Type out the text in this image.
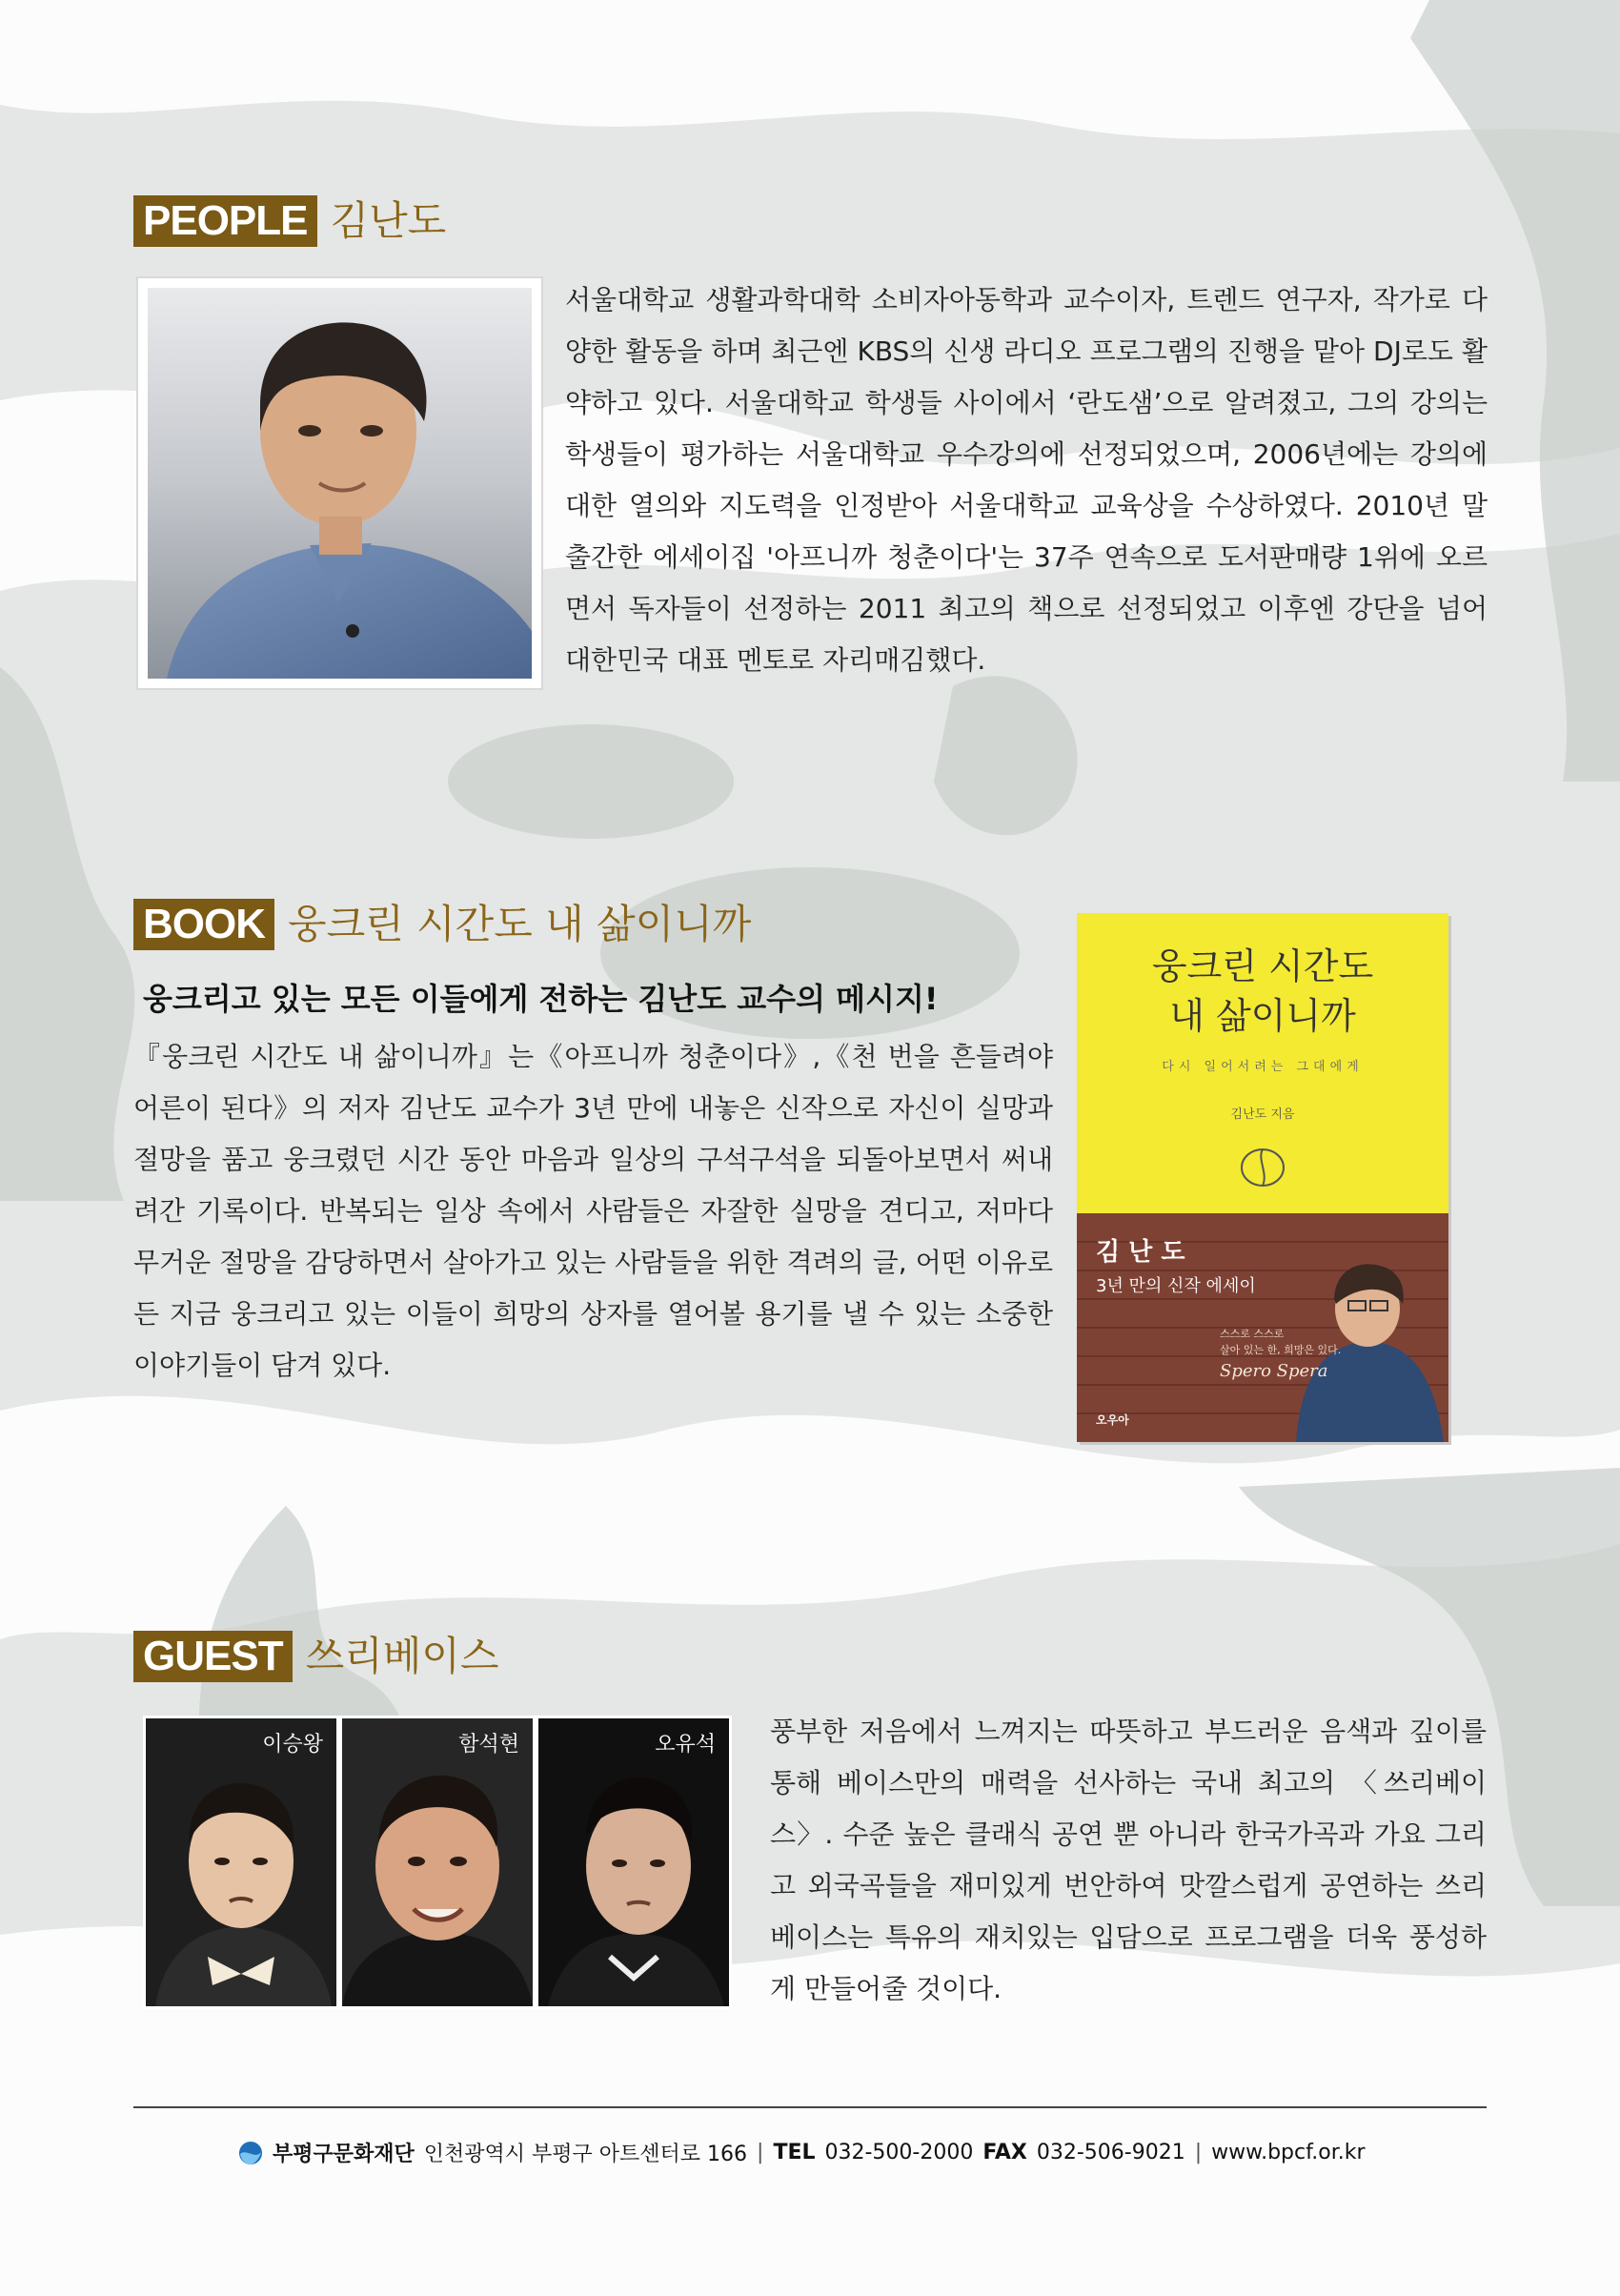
PEOPLE 김난도

서울대학교 생활과학대학 소비자아동학과 교수이자, 트렌드 연구자, 작가로 다양한 활동을 하며 최근엔 KBS의 신생 라디오 프로그램의 진행을 맡아 DJ로도 활약하고 있다. 서울대학교 학생들 사이에서 ‘란도샘’으로 알려졌고, 그의 강의는 학생들이 평가하는 서울대학교 우수강의에 선정되었으며, 2006년에는 강의에 대한 열의와 지도력을 인정받아 서울대학교 교육상을 수상하였다. 2010년 말 출간한 에세이집 '아프니까 청춘이다'는 37주 연속으로 도서판매량 1위에 오르면서 독자들이 선정하는 2011 최고의 책으로 선정되었고 이후엔 강단을 넘어 대한민국 대표 멘토로 자리매김했다.

BOOK 웅크린 시간도 내 삶이니까
웅크리고 있는 모든 이들에게 전하는 김난도 교수의 메시지!

『웅크린 시간도 내 삶이니까』는《아프니까 청춘이다》,《천 번을 흔들려야 어른이 된다》의 저자 김난도 교수가 3년 만에 내놓은 신작으로 자신이 실망과 절망을 품고 웅크렸던 시간 동안 마음과 일상의 구석구석을 되돌아보면서 써내려간 기록이다. 반복되는 일상 속에서 사람들은 자잘한 실망을 견디고, 저마다 무거운 절망을 감당하면서 살아가고 있는 사람들을 위한 격려의 글, 어떤 이유로든 지금 웅크리고 있는 이들이 희망의 상자를 열어볼 용기를 낼 수 있는 소중한 이야기들이 담겨 있다.

웅크린 시간도
내 삶이니까
다시 일어서려는 그대에게
김난도 지음
김 난 도
3년 만의 신작 에세이
스스로 스스로
살아 있는 한, 희망은 있다.
Spero Spera
오우아
GUEST 쓰리베이스
이승왕	함석현	오유석 풍부한 저음에서 느껴지는 따뜻하고 부드러운 음색과 깊이를 통해 베이스만의 매력을 선사하는 국내 최고의 〈쓰리베이스〉. 수준 높은 클래식 공연 뿐 아니라 한국가곡과 가요 그리고 외국곡들을 재미있게 번안하여 맛깔스럽게 공연하는 쓰리베이스는 특유의 재치있는 입담으로 프로그램을 더욱 풍성하게 만들어줄 것이다.

부평구문화재단 인천광역시 부평구 아트센터로 166 | TEL 032-500-2000 FAX 032-506-9021 | www.bpcf.or.kr
